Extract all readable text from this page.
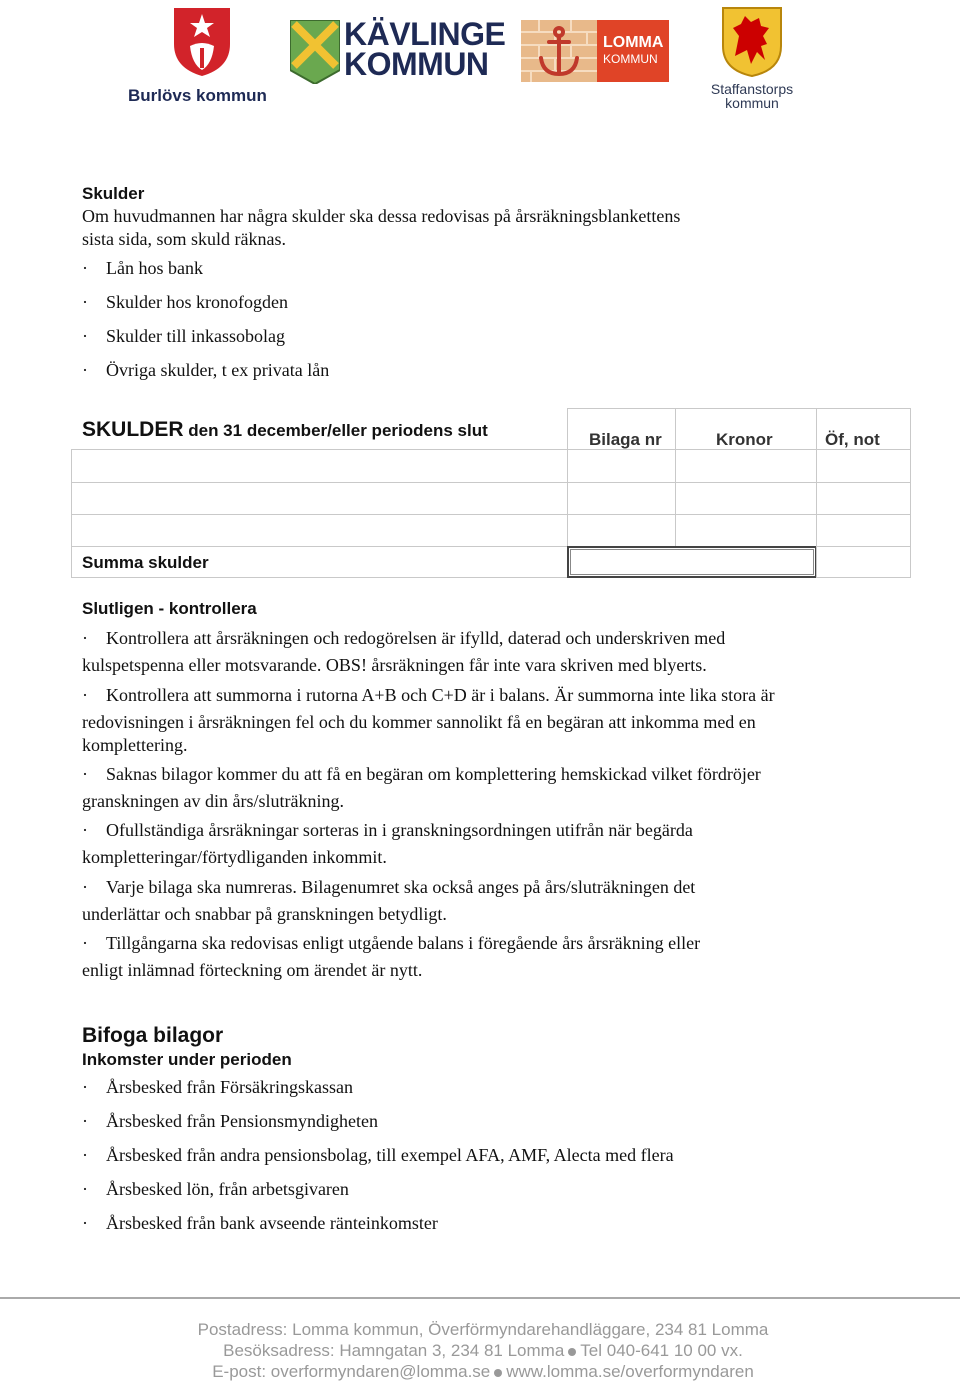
Burlövs kommun
KÄVLINGE
KOMMUN
LOMMA
KOMMUN
Staffanstorps
kommun
Skulder
Om huvudmannen har några skulder ska dessa redovisas på årsräkningsblankettens
sista sida, som skuld räknas.
· Lån hos bank
· Skulder hos kronofogden
· Skulder till inkassobolag
· Övriga skulder, t ex privata lån
SKULDER den 31 december/eller periodens slut	Bilaga nr	Kronor	Öf, not
Summa skulder
Slutligen - kontrollera
· Kontrollera att årsräkningen och redogörelsen är ifylld, daterad och underskriven med
kulspetspenna eller motsvarande. OBS! årsräkningen får inte vara skriven med blyerts.
· Kontrollera att summorna i rutorna A+B och C+D är i balans. Är summorna inte lika stora är
redovisningen i årsräkningen fel och du kommer sannolikt få en begäran att inkomma med en
komplettering.
· Saknas bilagor kommer du att få en begäran om komplettering hemskickad vilket fördröjer
granskningen av din års/sluträkning.
· Ofullständiga årsräkningar sorteras in i granskningsordningen utifrån när begärda
kompletteringar/förtydliganden inkommit.
· Varje bilaga ska numreras. Bilagenumret ska också anges på års/sluträkningen det
underlättar och snabbar på granskningen betydligt.
· Tillgångarna ska redovisas enligt utgående balans i föregående års årsräkning eller
enligt inlämnad förteckning om ärendet är nytt.
Bifoga bilagor
Inkomster under perioden
· Årsbesked från Försäkringskassan
· Årsbesked från Pensionsmyndigheten
· Årsbesked från andra pensionsbolag, till exempel AFA, AMF, Alecta med flera
· Årsbesked lön, från arbetsgivaren
· Årsbesked från bank avseende ränteinkomster
Postadress: Lomma kommun, Överförmyndarehandläggare, 234 81 Lomma
Besöksadress: Hamngatan 3, 234 81 Lomma Tel 040-641 10 00 vx.
E-post: overformyndaren@lomma.se www.lomma.se/overformyndaren
